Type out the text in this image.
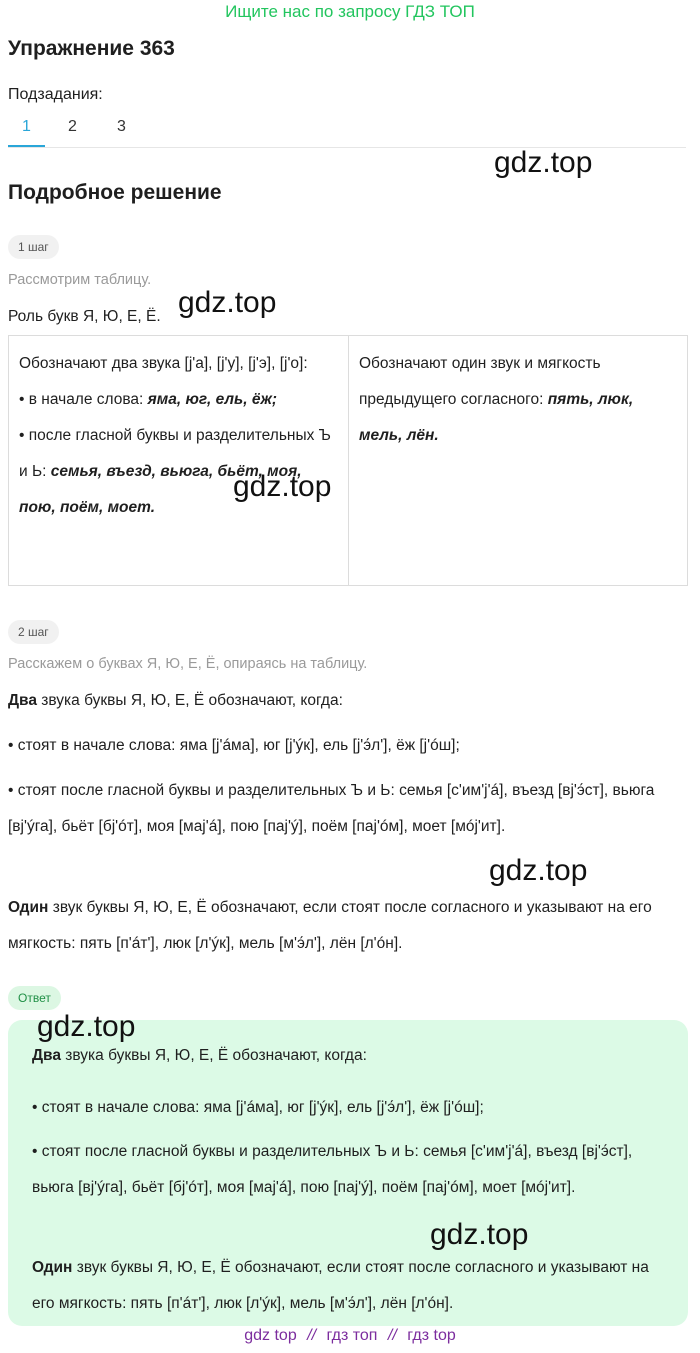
Ищите нас по запросу ГДЗ ТОП
Упражнение 363
Подзадания:
1 2	3
gdz.top
Подробное решение
1 шаг
Рассмотрим таблицу.
Роль букв Я, Ю, Е, Ё. gdz.top
Обозначают два звука [j'а], [j'у], [j'э], [j'о]:
• в начале слова: яма, юг, ель, ёж;
• после гласной буквы и разделительных Ъ и Ь: семья, въезд, вьюга, бьёт, моя, пою, поём, моет.
Обозначают один звук и мягкость предыдущего согласного: пять, люк, мель, лён.
gdz.top
2 шаг
Расскажем о буквах Я, Ю, Е, Ё, опираясь на таблицу.
Два звука буквы Я, Ю, Е, Ё обозначают, когда:
• стоят в начале слова: яма [j'áма], юг [j'ýк], ель [j'э́л'], ёж [j'óш];
• стоят после гласной буквы и разделительных Ъ и Ь: семья [с'им'j'á], въезд [вj'э́ст], вьюга [вj'ýга], бьёт [бj'óт], моя [маj'á], пою [паj'ý], поём [паj'óм], моет [мój'ит].
gdz.top
Один звук буквы Я, Ю, Е, Ё обозначают, если стоят после согласного и указывают на его мягкость: пять [п'áт'], люк [л'ýк], мель [м'э́л'], лён [л'óн].
Ответ
Два звука буквы Я, Ю, Е, Ё обозначают, когда:
• стоят в начале слова: яма [j'áма], юг [j'ýк], ель [j'э́л'], ёж [j'óш];
• стоят после гласной буквы и разделительных Ъ и Ь: семья [с'им'j'á], въезд [вj'э́ст], вьюга [вj'ýга], бьёт [бj'óт], моя [маj'á], пою [паj'ý], поём [паj'óм], моет [мój'ит].
Один звук буквы Я, Ю, Е, Ё обозначают, если стоят после согласного и указывают на его мягкость: пять [п'áт'], люк [л'ýк], мель [м'э́л'], лён [л'óн].
gdz.top
gdz.top
gdz top // гдз топ // гдз top
